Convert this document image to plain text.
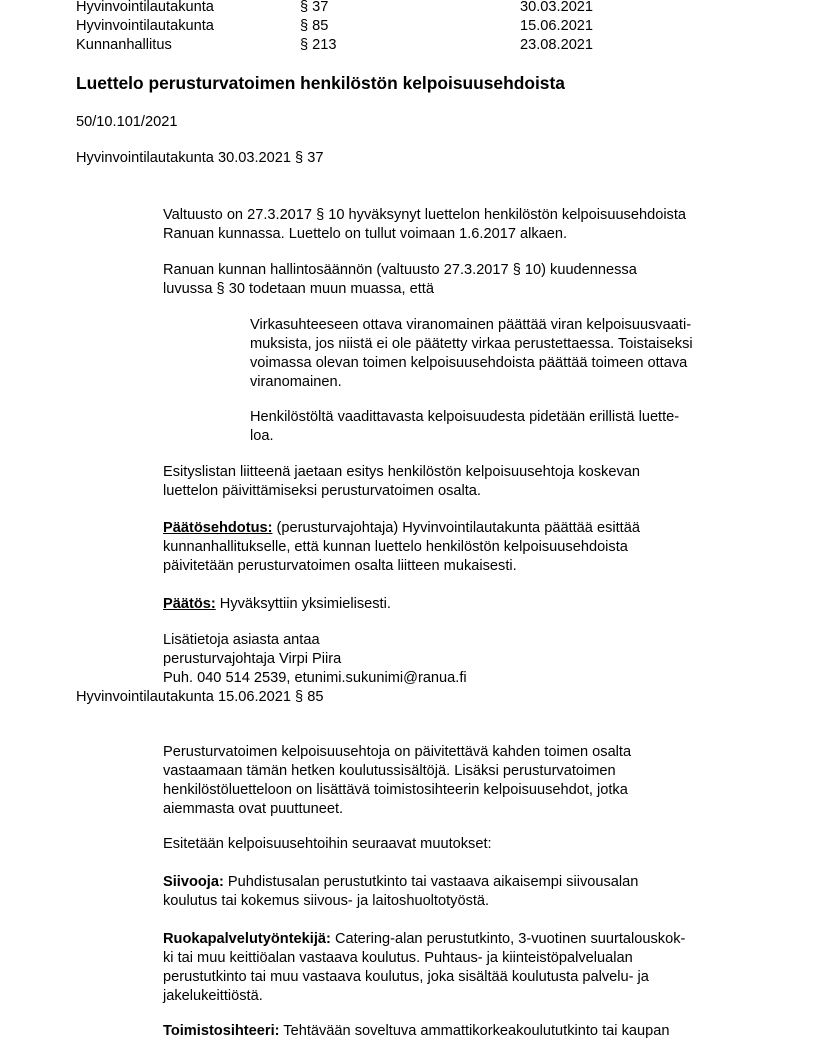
Hyvinvointilautakunta	§ 37	30.03.2021
Hyvinvointilautakunta	§ 85	15.06.2021
Kunnanhallitus	§ 213	23.08.2021
Luettelo perusturvatoimen henkilöstön kelpoisuusehdoista
50/10.101/2021
Hyvinvointilautakunta 30.03.2021 § 37
Valtuusto on 27.3.2017 § 10 hyväksynyt luettelon henkilöstön kelpoisuusehdoista
Ranuan kunnassa. Luettelo on tullut voimaan 1.6.2017 alkaen.
Ranuan kunnan hallintosäännön (valtuusto 27.3.2017 § 10) kuudennessa
luvussa § 30 todetaan muun muassa, että
Virkasuhteeseen ottava viranomainen päättää viran kelpoisuusvaati-
muksista, jos niistä ei ole päätetty virkaa perustettaessa. Toistaiseksi
voimassa olevan toimen kelpoisuusehdoista päättää toimeen ottava
viranomainen.
Henkilöstöltä vaadittavasta kelpoisuudesta pidetään erillistä luette-
loa.
Esityslistan liitteenä jaetaan esitys henkilöstön kelpoisuusehtoja koskevan
luettelon päivittämiseksi perusturvatoimen osalta.
Päätösehdotus: (perusturvajohtaja) Hyvinvointilautakunta päättää esittää
kunnanhallitukselle, että kunnan luettelo henkilöstön kelpoisuusehdoista
päivitetään perusturvatoimen osalta liitteen mukaisesti.
Päätös: Hyväksyttiin yksimielisesti.
Lisätietoja asiasta antaa
perusturvajohtaja Virpi Piira
Puh. 040 514 2539, etunimi.sukunimi@ranua.fi
Hyvinvointilautakunta 15.06.2021 § 85
Perusturvatoimen kelpoisuusehtoja on päivitettävä kahden toimen osalta
vastaamaan tämän hetken koulutussisältöjä. Lisäksi perusturvatoimen
henkilöstöluetteloon on lisättävä toimistosihteerin kelpoisuusehdot, jotka
aiemmasta ovat puuttuneet.
Esitetään kelpoisuusehtoihin seuraavat muutokset:
Siivooja: Puhdistusalan perustutkinto tai vastaava aikaisempi siivousalan
koulutus tai kokemus siivous- ja laitoshuoltotyöstä.
Ruokapalvelutyöntekijä: Catering-alan perustutkinto, 3-vuotinen suurtalouskok-
ki tai muu keittiöalan vastaava koulutus. Puhtaus- ja kiinteistöpalvelualan
perustutkinto tai muu vastaava koulutus, joka sisältää koulutusta palvelu- ja
jakelukeittiöstä.
Toimistosihteeri: Tehtävään soveltuva ammattikorkeakoulututkinto tai kaupan
